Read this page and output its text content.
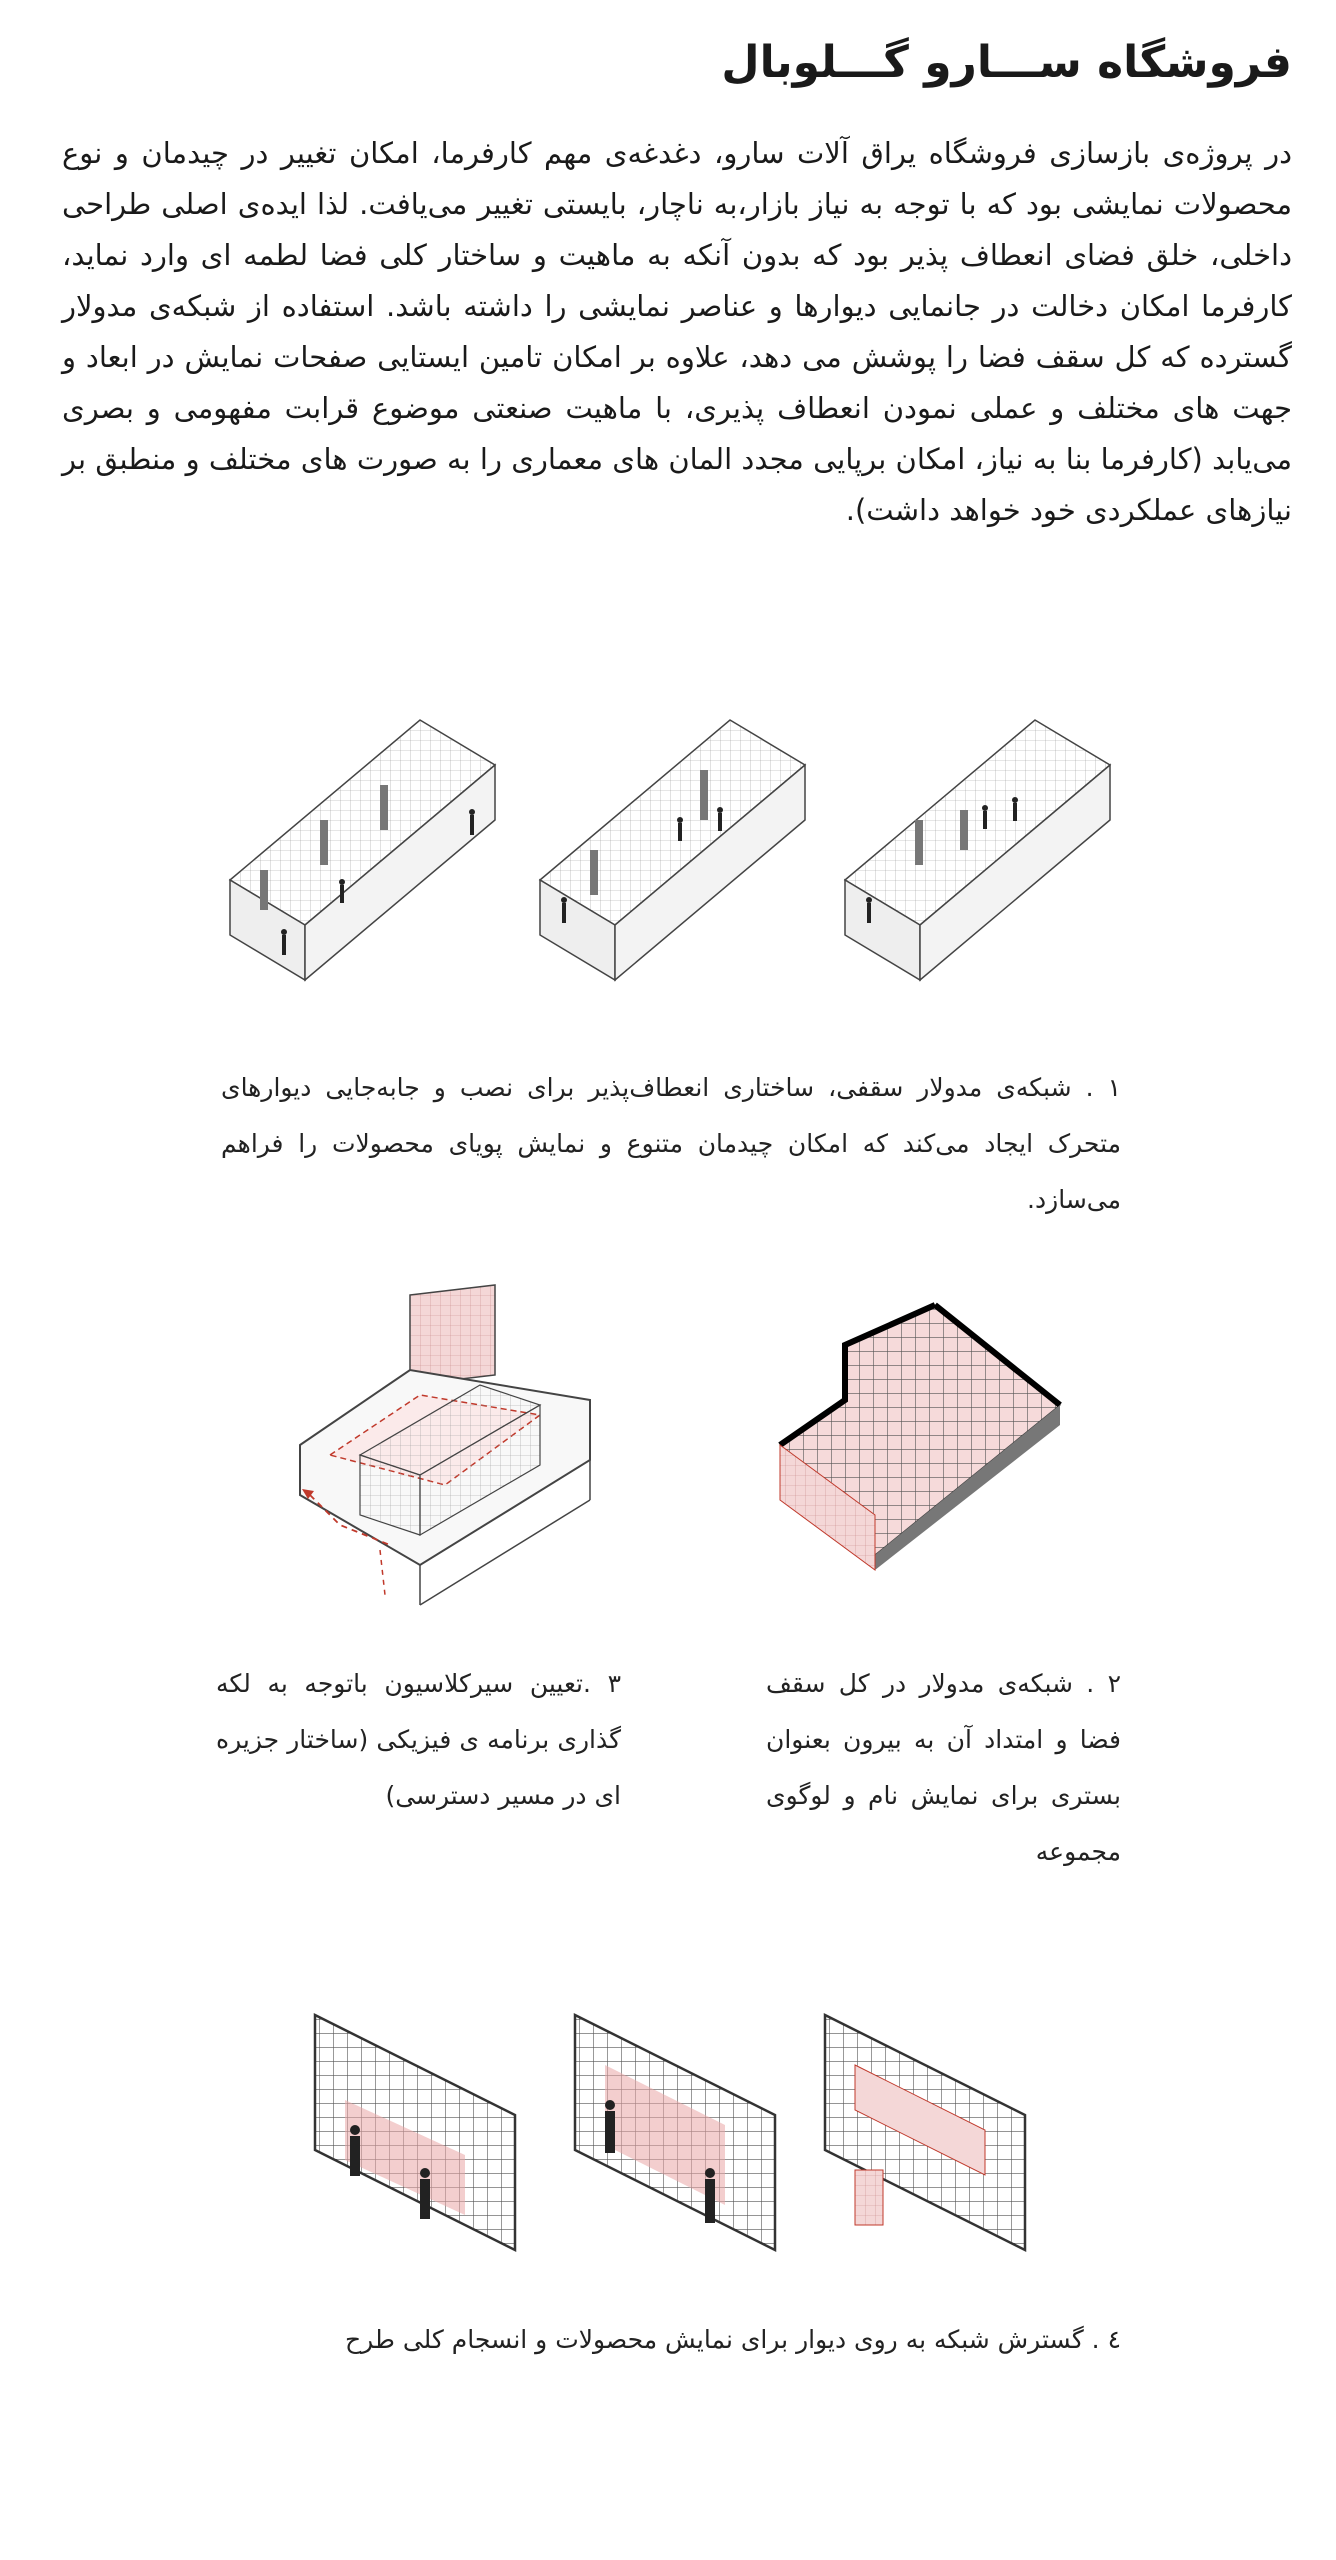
فروشگاه ســـارو گـــلوبال
در پروژه‌ی بازسازی فروشگاه یراق آلات سارو، دغدغه‌ی مهم کارفرما، امکان تغییر در چیدمان و نوع محصولات نمایشی بود که با توجه به نیاز بازار،به ناچار، بایستی تغییر می‌یافت. لذا ایده‌ی اصلی طراحی داخلی، خلق فضای انعطاف پذیر بود که بدون آنکه به ماهیت و ساختار کلی فضا لطمه ای وارد نماید، کارفرما امکان دخالت در جانمایی دیوارها و عناصر نمایشی را داشته باشد. استفاده از شبکه‌ی مدولار گسترده که کل سقف فضا را پوشش می دهد، علاوه بر امکان تامین ایستایی صفحات نمایش در ابعاد و جهت های مختلف و عملی نمودن انعطاف پذیری، با ماهیت صنعتی موضوع قرابت مفهومی و بصری می‌یابد (کارفرما بنا به نیاز، امکان برپایی مجدد المان های معماری را به صورت های مختلف و منطبق بر نیازهای عملکردی خود خواهد داشت).
۱ . شبکه‌ی مدولار سقفی، ساختاری انعطاف‌پذیر برای نصب و جابه‌جایی دیوارهای متحرک ایجاد می‌کند که امکان چیدمان متنوع و نمایش پویای محصولات را فراهم می‌سازد.
۳ .تعیین سیرکلاسیون باتوجه به لکه گذاری برنامه ی فیزیکی (ساختار جزیره ای در مسیر دسترسی)
۲ . شبکه‌ی مدولار در کل سقف فضا و امتداد آن به بیرون بعنوان بستری برای نمایش نام و لوگوی مجموعه
٤ . گسترش شبکه به روی دیوار برای نمایش محصولات و انسجام کلی طرح
